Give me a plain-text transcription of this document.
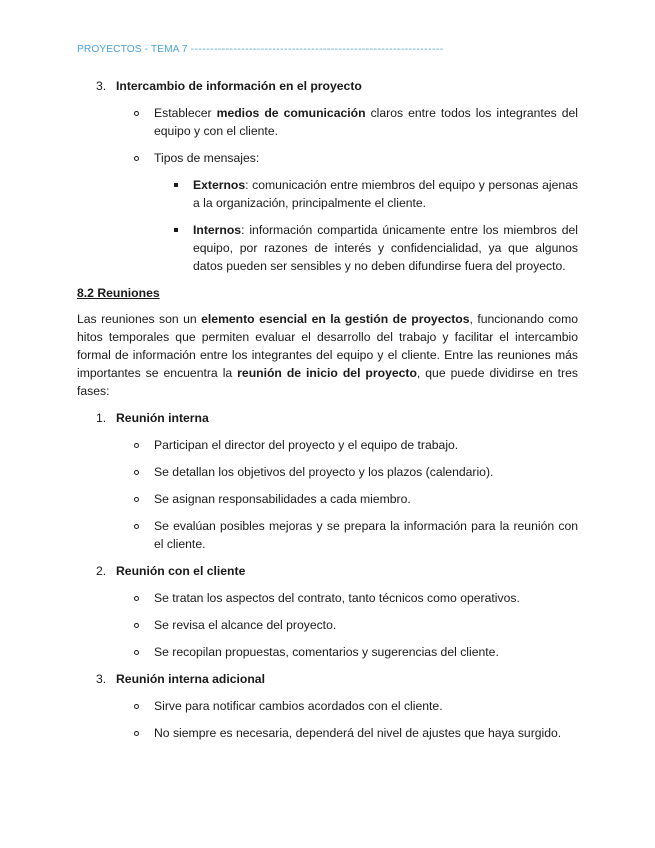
PROYECTOS - TEMA 7 -----------------------------------------------------------------
3. Intercambio de información en el proyecto
Establecer medios de comunicación claros entre todos los integrantes del equipo y con el cliente.
Tipos de mensajes:
Externos: comunicación entre miembros del equipo y personas ajenas a la organización, principalmente el cliente.
Internos: información compartida únicamente entre los miembros del equipo, por razones de interés y confidencialidad, ya que algunos datos pueden ser sensibles y no deben difundirse fuera del proyecto.

8.2 Reuniones

Las reuniones son un elemento esencial en la gestión de proyectos, funcionando como hitos temporales que permiten evaluar el desarrollo del trabajo y facilitar el intercambio formal de información entre los integrantes del equipo y el cliente. Entre las reuniones más importantes se encuentra la reunión de inicio del proyecto, que puede dividirse en tres fases:

1. Reunión interna
Participan el director del proyecto y el equipo de trabajo.
Se detallan los objetivos del proyecto y los plazos (calendario).
Se asignan responsabilidades a cada miembro.
Se evalúan posibles mejoras y se prepara la información para la reunión con el cliente.
2. Reunión con el cliente
Se tratan los aspectos del contrato, tanto técnicos como operativos.
Se revisa el alcance del proyecto.
Se recopilan propuestas, comentarios y sugerencias del cliente.
3. Reunión interna adicional
Sirve para notificar cambios acordados con el cliente.
No siempre es necesaria, dependerá del nivel de ajustes que haya surgido.
